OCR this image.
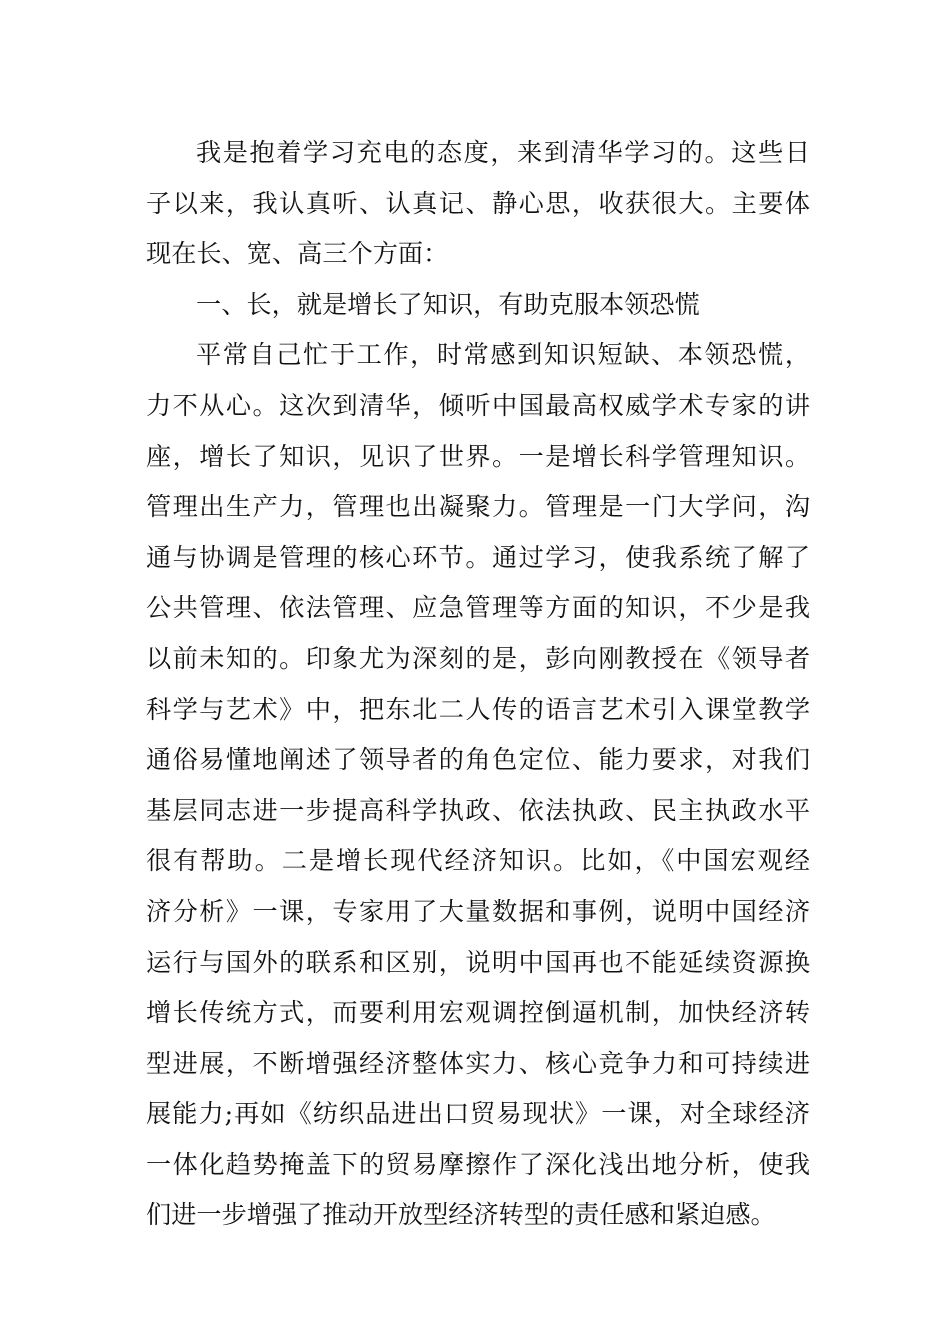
我是抱着学习充电的态度，来到清华学习的。这些日
子以来，我认真听、认真记、静心思，收获很大。主要体
现在长、宽、高三个方面：
一、长，就是增长了知识，有助克服本领恐慌
平常自己忙于工作，时常感到知识短缺、本领恐慌，
力不从心。这次到清华，倾听中国最高权威学术专家的讲
座，增长了知识，见识了世界。一是增长科学管理知识。
管理出生产力，管理也出凝聚力。管理是一门大学问，沟
通与协调是管理的核心环节。通过学习，使我系统了解了
公共管理、依法管理、应急管理等方面的知识，不少是我
以前未知的。印象尤为深刻的是，彭向刚教授在《领导者
科学与艺术》中，把东北二人传的语言艺术引入课堂教学
通俗易懂地阐述了领导者的角色定位、能力要求，对我们
基层同志进一步提高科学执政、依法执政、民主执政水平
很有帮助。二是增长现代经济知识。比如，《中国宏观经
济分析》一课，专家用了大量数据和事例，说明中国经济
运行与国外的联系和区别，说明中国再也不能延续资源换
增长传统方式，而要利用宏观调控倒逼机制，加快经济转
型进展，不断增强经济整体实力、核心竞争力和可持续进
展能力;再如《纺织品进出口贸易现状》一课，对全球经济
一体化趋势掩盖下的贸易摩擦作了深化浅出地分析，使我
们进一步增强了推动开放型经济转型的责任感和紧迫感。
